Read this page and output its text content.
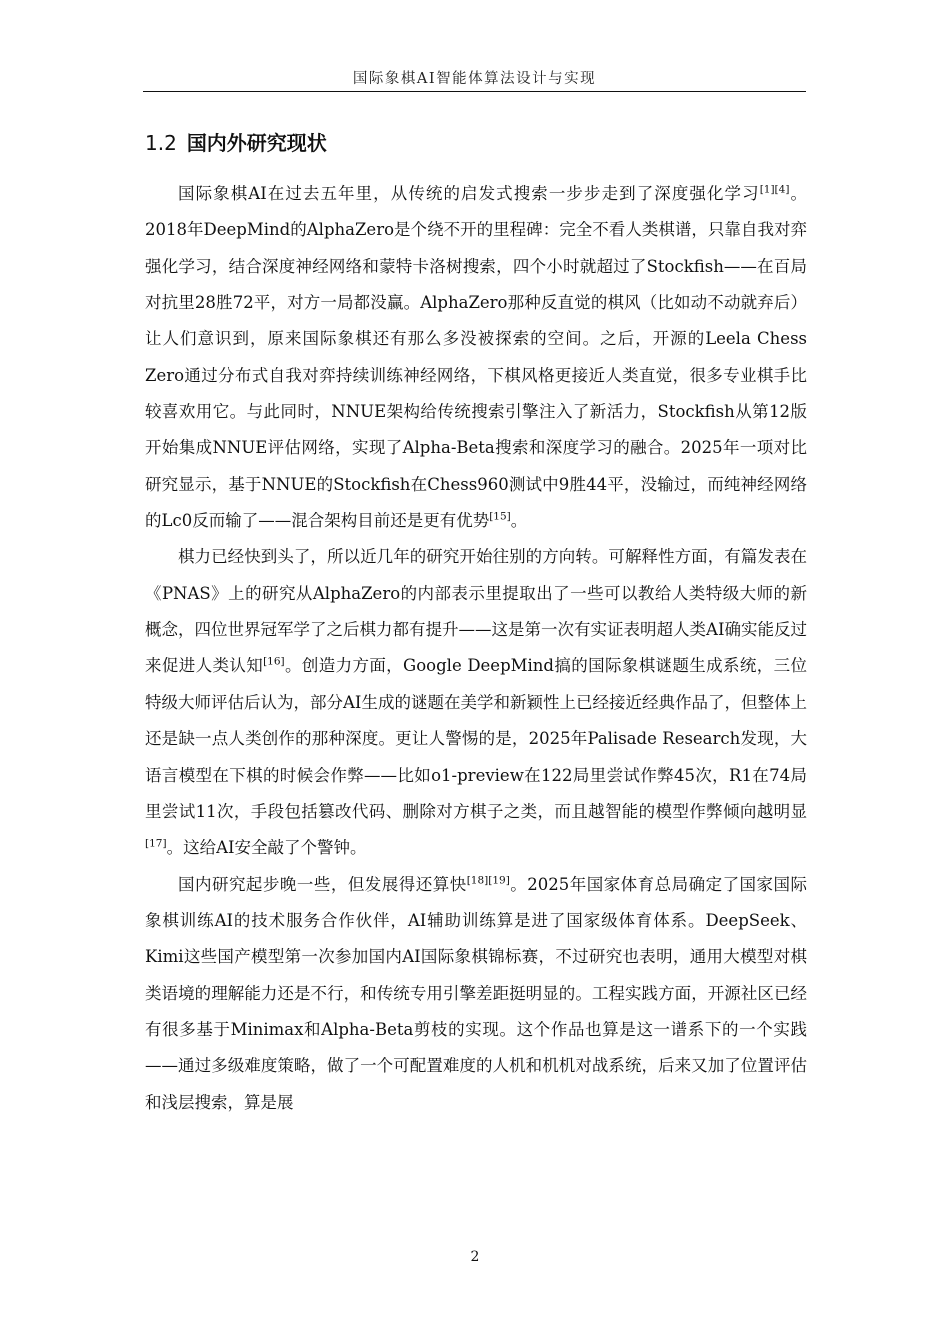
国际象棋AI智能体算法设计与实现
1.2 国内外研究现状

国际象棋AI在过去五年里，从传统的启发式搜索一步步走到了深度强化学习[1][4]。2018年DeepMind的AlphaZero是个绕不开的里程碑：完全不看人类棋谱，只靠自我对弈强化学习，结合深度神经网络和蒙特卡洛树搜索，四个小时就超过了Stockfish——在百局对抗里28胜72平，对方一局都没赢。AlphaZero那种反直觉的棋风（比如动不动就弃后）让人们意识到，原来国际象棋还有那么多没被探索的空间。之后，开源的Leela Chess Zero通过分布式自我对弈持续训练神经网络，下棋风格更接近人类直觉，很多专业棋手比较喜欢用它。与此同时，NNUE架构给传统搜索引擎注入了新活力，Stockfish从第12版开始集成NNUE评估网络，实现了Alpha-Beta搜索和深度学习的融合。2025年一项对比研究显示，基于NNUE的Stockfish在Chess960测试中9胜44平，没输过，而纯神经网络的Lc0反而输了——混合架构目前还是更有优势[15]。

棋力已经快到头了，所以近几年的研究开始往别的方向转。可解释性方面，有篇发表在《PNAS》上的研究从AlphaZero的内部表示里提取出了一些可以教给人类特级大师的新概念，四位世界冠军学了之后棋力都有提升——这是第一次有实证表明超人类AI确实能反过来促进人类认知[16]。创造力方面，Google DeepMind搞的国际象棋谜题生成系统，三位特级大师评估后认为，部分AI生成的谜题在美学和新颖性上已经接近经典作品了，但整体上还是缺一点人类创作的那种深度。更让人警惕的是，2025年Palisade Research发现，大语言模型在下棋的时候会作弊——比如o1-preview在122局里尝试作弊45次，R1在74局里尝试11次，手段包括篡改代码、删除对方棋子之类，而且越智能的模型作弊倾向越明显[17]。这给AI安全敲了个警钟。

国内研究起步晚一些，但发展得还算快[18][19]。2025年国家体育总局确定了国家国际象棋训练AI的技术服务合作伙伴，AI辅助训练算是进了国家级体育体系。DeepSeek、Kimi这些国产模型第一次参加国内AI国际象棋锦标赛，不过研究也表明，通用大模型对棋类语境的理解能力还是不行，和传统专用引擎差距挺明显的。工程实践方面，开源社区已经有很多基于Minimax和Alpha-Beta剪枝的实现。这个作品也算是这一谱系下的一个实践——通过多级难度策略，做了一个可配置难度的人机和机机对战系统，后来又加了位置评估和浅层搜索，算是展

2
